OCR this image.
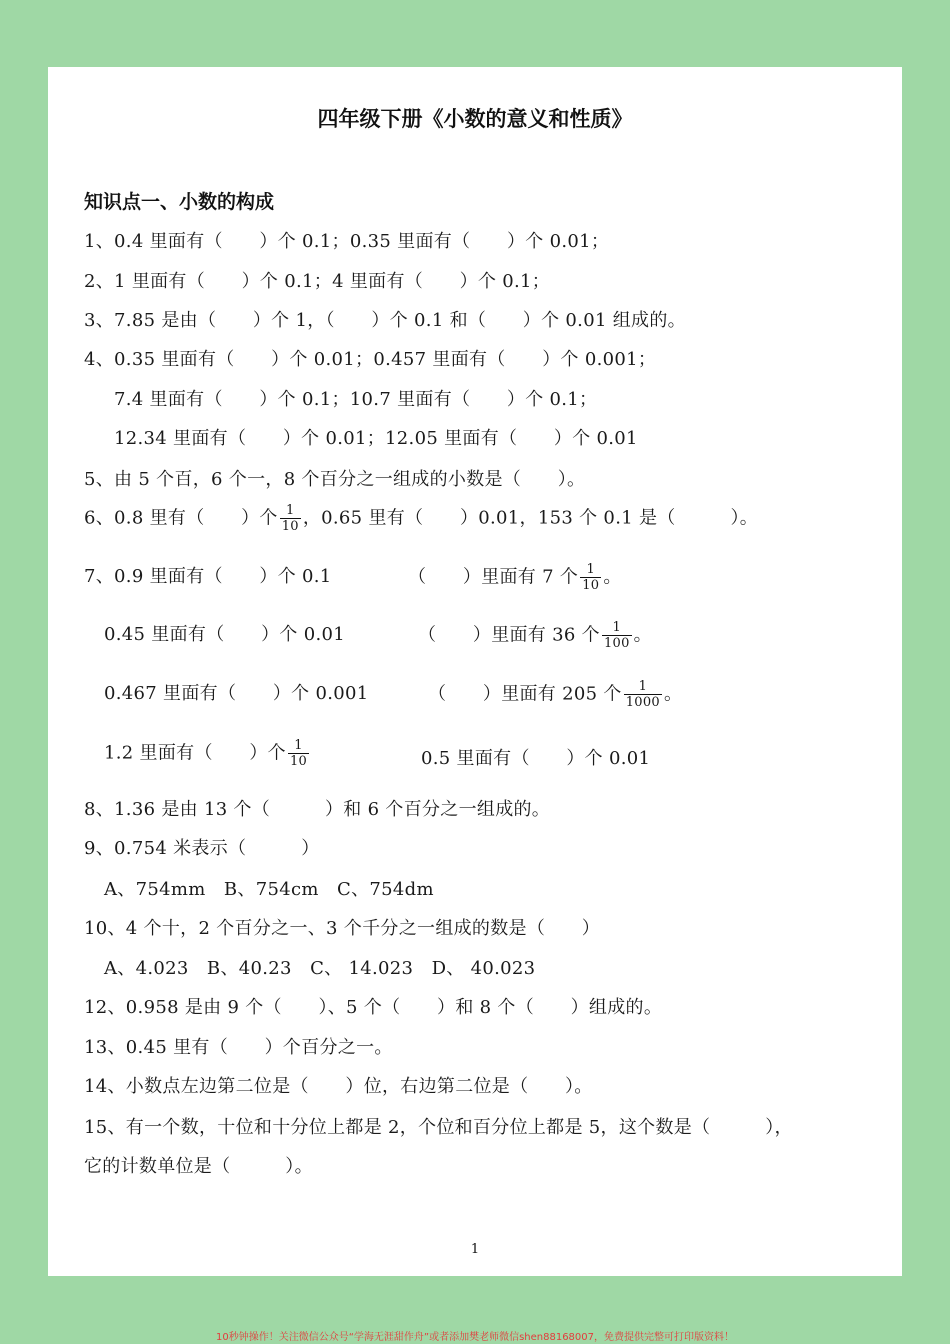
四年级下册《小数的意义和性质》
知识点一、小数的构成
1、0.4 里面有（　　）个 0.1；0.35 里面有（　　）个 0.01；
2、1 里面有（　　）个 0.1；4 里面有（　　）个 0.1；
3、7.85 是由（　　）个 1，（　　）个 0.1 和（　　）个 0.01 组成的。
4、0.35 里面有（　　）个 0.01；0.457 里面有（　　）个 0.001；
7.4 里面有（　　）个 0.1；10.7 里面有（　　）个 0.1；
12.34 里面有（　　）个 0.01；12.05 里面有（　　）个 0.01
5、由 5 个百，6 个一，8 个百分之一组成的小数是（　　）。
6、0.8 里有（　　）个 $\frac{1}{10}$ ，0.65 里有（　　）0.01，153 个 0.1 是（　　　）。
7、0.9 里面有（　　）个 0.1	（　　）里面有 7 个 $\frac{1}{10}$ 。
0.45 里面有（　　）个 0.01	（　　）里面有 36 个 $\frac{1}{100}$ 。
0.467 里面有（　　）个 0.001	（　　）里面有 205 个 $\frac{1}{1000}$ 。
1.2 里面有（　　）个 $\frac{1}{10}$	0.5 里面有（　　）个 0.01
8、1.36 是由 13 个（　　　）和 6 个百分之一组成的。
9、0.754 米表示（　　　）
A、754mm　B、754cm　C、754dm
10、4 个十，2 个百分之一、3 个千分之一组成的数是（　　）
A、4.023　B、40.23　C、 14.023　D、 40.023
12、0.958 是由 9 个（　　）、5 个（　　）和 8 个（　　）组成的。
13、0.45 里有（　　）个百分之一。
14、小数点左边第二位是（　　）位，右边第二位是（　　）。
15、有一个数，十位和十分位上都是 2，个位和百分位上都是 5，这个数是（　　　），
它的计数单位是（　　　）。
1
10秒钟操作！关注微信公众号“学海无涯甜作舟”或者添加樊老师微信shen88168007，免费提供完整可打印版资料！
